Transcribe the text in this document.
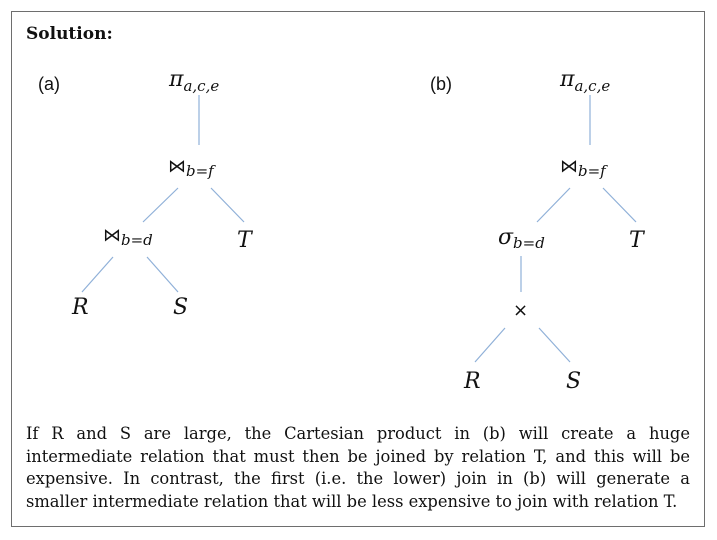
Solution:
(a)	πa,c,e
⋈b=f
⋈b=d	T
R	S
(b)	πa,c,e
⋈b=f
σb=d
×
T
R	S
If R and S are large, the Cartesian product in (b) will create a huge intermediate relation that must then be joined by relation T, and this will be expensive. In contrast, the first (i.e. the lower) join in (b) will generate a smaller intermediate relation that will be less expensive to join with relation T.
